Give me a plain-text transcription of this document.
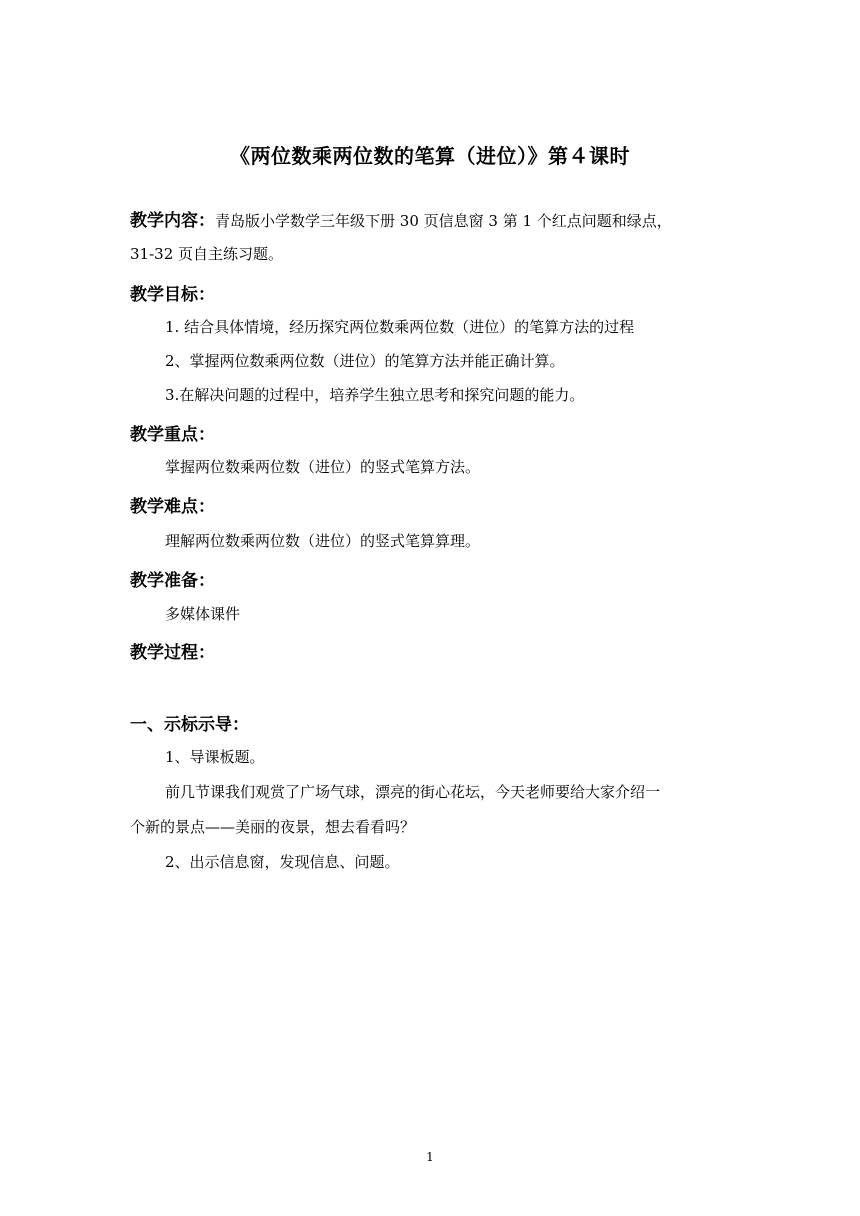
《两位数乘两位数的笔算（进位）》第４课时
教学内容：青岛版小学数学三年级下册 30 页信息窗 3 第 1 个红点问题和绿点，
31-32 页自主练习题。
教学目标：
1. 结合具体情境，经历探究两位数乘两位数（进位）的笔算方法的过程
2、掌握两位数乘两位数（进位）的笔算方法并能正确计算。
3.在解决问题的过程中，培养学生独立思考和探究问题的能力。
教学重点：
掌握两位数乘两位数（进位）的竖式笔算方法。
教学难点：
理解两位数乘两位数（进位）的竖式笔算算理。
教学准备：
多媒体课件
教学过程：
一、示标示导：
1、导课板题。
前几节课我们观赏了广场气球，漂亮的街心花坛，今天老师要给大家介绍一
个新的景点——美丽的夜景，想去看看吗？
2、出示信息窗，发现信息、问题。
1
